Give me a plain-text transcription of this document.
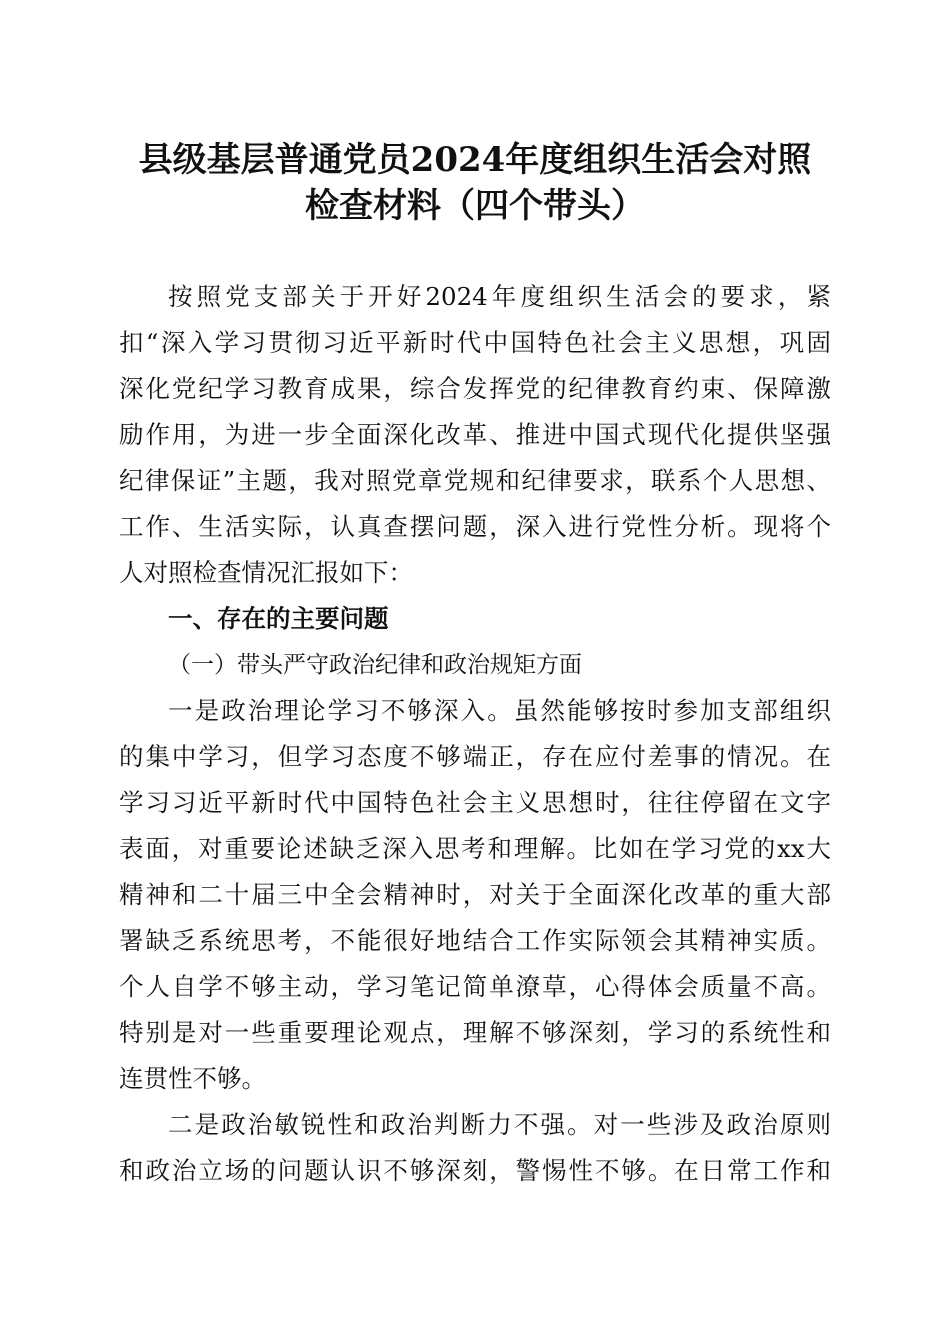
县级基层普通党员2024年度组织生活会对照
检查材料（四个带头）
按照党支部关于开好2024年度组织生活会的要求，紧
扣“深入学习贯彻习近平新时代中国特色社会主义思想，巩固
深化党纪学习教育成果，综合发挥党的纪律教育约束、保障激
励作用，为进一步全面深化改革、推进中国式现代化提供坚强
纪律保证”主题，我对照党章党规和纪律要求，联系个人思想、
工作、生活实际，认真查摆问题，深入进行党性分析。现将个
人对照检查情况汇报如下：
一、存在的主要问题
（一）带头严守政治纪律和政治规矩方面
一是政治理论学习不够深入。虽然能够按时参加支部组织
的集中学习，但学习态度不够端正，存在应付差事的情况。在
学习习近平新时代中国特色社会主义思想时，往往停留在文字
表面，对重要论述缺乏深入思考和理解。比如在学习党的xx大
精神和二十届三中全会精神时，对关于全面深化改革的重大部
署缺乏系统思考，不能很好地结合工作实际领会其精神实质。
个人自学不够主动，学习笔记简单潦草，心得体会质量不高。
特别是对一些重要理论观点，理解不够深刻，学习的系统性和
连贯性不够。
二是政治敏锐性和政治判断力不强。对一些涉及政治原则
和政治立场的问题认识不够深刻，警惕性不够。在日常工作和
